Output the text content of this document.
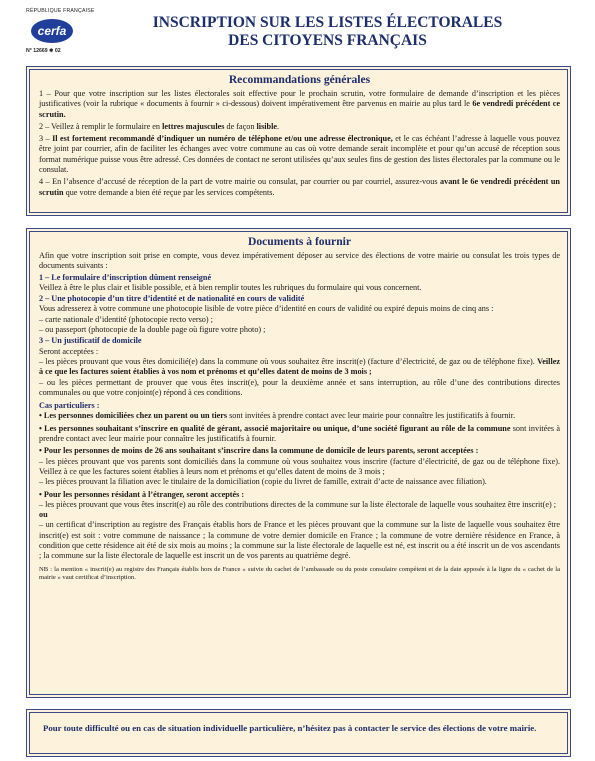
RÉPUBLIQUE FRANÇAISE
cerfa
N° 12669 ✱ 02
INSCRIPTION SUR LES LISTES ÉLECTORALES
DES CITOYENS FRANÇAIS
Recommandations générales

1 – Pour que votre inscription sur les listes électorales soit effective pour le prochain scrutin, votre formulaire de demande d’inscription et les pièces justificatives (voir la rubrique « documents à fournir » ci-dessous) doivent impérativement être parvenus en mairie au plus tard le 6e vendredi précédent ce scrutin.

2 – Veillez à remplir le formulaire en lettres majuscules de façon lisible.

3 – Il est fortement recommandé d’indiquer un numéro de téléphone et/ou une adresse électronique, et le cas échéant l’adresse à laquelle vous pouvez être joint par courrier, afin de faciliter les échanges avec votre commune au cas où votre demande serait incomplète et pour qu’un accusé de réception sous format numérique puisse vous être adressé. Ces données de contact ne seront utilisées qu’aux seules fins de gestion des listes électorales par la commune ou le consulat.

4 – En l’absence d’accusé de réception de la part de votre mairie ou consulat, par courrier ou par courriel, assurez-vous avant le 6e vendredi précédent un scrutin que votre demande a bien été reçue par les services compétents.

Documents à fournir

Afin que votre inscription soit prise en compte, vous devez impérativement déposer au service des élections de votre mairie ou consulat les trois types de documents suivants :

1 – Le formulaire d’inscription dûment renseigné

Veillez à être le plus clair et lisible possible, et à bien remplir toutes les rubriques du formulaire qui vous concernent.

2 – Une photocopie d’un titre d’identité et de nationalité en cours de validité

Vous adresserez à votre commune une photocopie lisible de votre pièce d’identité en cours de validité ou expiré depuis moins de cinq ans :

– carte nationale d’identité (photocopie recto verso) ;

– ou passeport (photocopie de la double page où figure votre photo) ;

3 – Un justificatif de domicile

Seront acceptées :

– les pièces prouvant que vous êtes domicilié(e) dans la commune où vous souhaitez être inscrit(e) (facture d’électricité, de gaz ou de téléphone fixe). Veillez à ce que les factures soient établies à vos nom et prénoms et qu’elles datent de moins de 3 mois ;

– ou les pièces permettant de prouver que vous êtes inscrit(e), pour la deuxième année et sans interruption, au rôle d’une des contributions directes communales ou que votre conjoint(e) répond à ces conditions.

Cas particuliers :

• Les personnes domiciliées chez un parent ou un tiers sont invitées à prendre contact avec leur mairie pour connaître les justificatifs à fournir.

• Les personnes souhaitant s’inscrire en qualité de gérant, associé majoritaire ou unique, d’une société figurant au rôle de la commune sont invitées à prendre contact avec leur mairie pour connaître les justificatifs à fournir.

• Pour les personnes de moins de 26 ans souhaitant s’inscrire dans la commune de domicile de leurs parents, seront acceptées :

– les pièces prouvant que vos parents sont domiciliés dans la commune où vous souhaitez vous inscrire (facture d’électricité, de gaz ou de téléphone fixe). Veillez à ce que les factures soient établies à leurs nom et prénoms et qu’elles datent de moins de 3 mois ;

– les pièces prouvant la filiation avec le titulaire de la domiciliation (copie du livret de famille, extrait d’acte de naissance avec filiation).

• Pour les personnes résidant à l’étranger, seront acceptés :

– les pièces prouvant que vous êtes inscrit(e) au rôle des contributions directes de la commune sur la liste électorale de laquelle vous souhaitez être inscrit(e) ;

ou

– un certificat d’inscription au registre des Français établis hors de France et les pièces prouvant que la commune sur la liste de laquelle vous souhaitez être inscrit(e) est soit : votre commune de naissance ; la commune de votre dernier domicile en France ; la commune de votre dernière résidence en France, à condition que cette résidence ait été de six mois au moins ; la commune sur la liste électorale de laquelle est né, est inscrit ou a été inscrit un de vos ascendants ; la commune sur la liste électorale de laquelle est inscrit un de vos parents au quatrième degré.

NB : la mention « inscrit(e) au registre des Français établis hors de France » suivie du cachet de l’ambassade ou du poste consulaire compétent et de la date apposée à la ligne du « cachet de la mairie » vaut certificat d’inscription.

Pour toute difficulté ou en cas de situation individuelle particulière, n’hésitez pas à contacter le service des élections de votre mairie.
